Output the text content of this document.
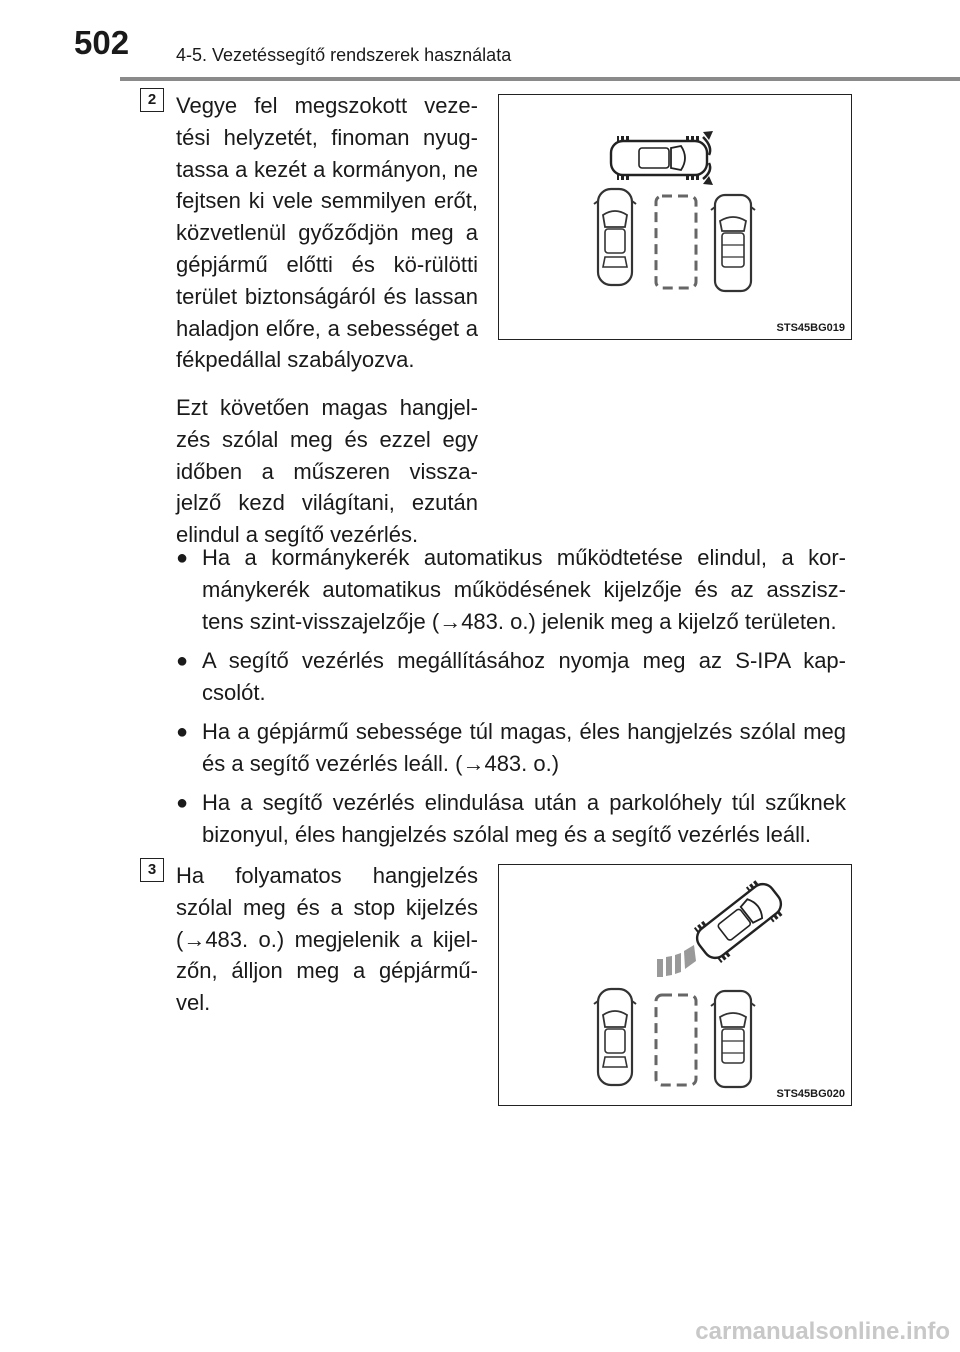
502	4-5. Vezetéssegítő rendszerek használata
2 Vegye fel megszokott veze-tési helyzetét, finoman nyug-tassa a kezét a kormányon, ne fejtsen ki vele semmilyen erőt, közvetlenül győződjön meg a gépjármű előtti és kö-rülötti terület biztonságáról és lassan haladjon előre, a sebességet a fékpedállal szabályozva.

Ezt követően magas hangjel-zés szólal meg és ezzel egy időben a műszeren vissza-jelző kezd világítani, ezután elindul a segítő vezérlés.

STS45BG019
● Ha a kormánykerék automatikus működtetése elindul, a kor-mánykerék automatikus működésének kijelzője és az asszisz-tens szint-visszajelzője (→483. o.) jelenik meg a kijelző területen.
● A segítő vezérlés megállításához nyomja meg az S-IPA kap-csolót.
● Ha a gépjármű sebessége túl magas, éles hangjelzés szólal meg és a segítő vezérlés leáll. (→483. o.)
● Ha a segítő vezérlés elindulása után a parkolóhely túl szűknek bizonyul, éles hangjelzés szólal meg és a segítő vezérlés leáll.
3 Ha folyamatos hangjelzés szólal meg és a stop kijelzés (→483. o.) megjelenik a kijel-zőn, álljon meg a gépjármű-vel.

STS45BG020
carmanualsonline.info
